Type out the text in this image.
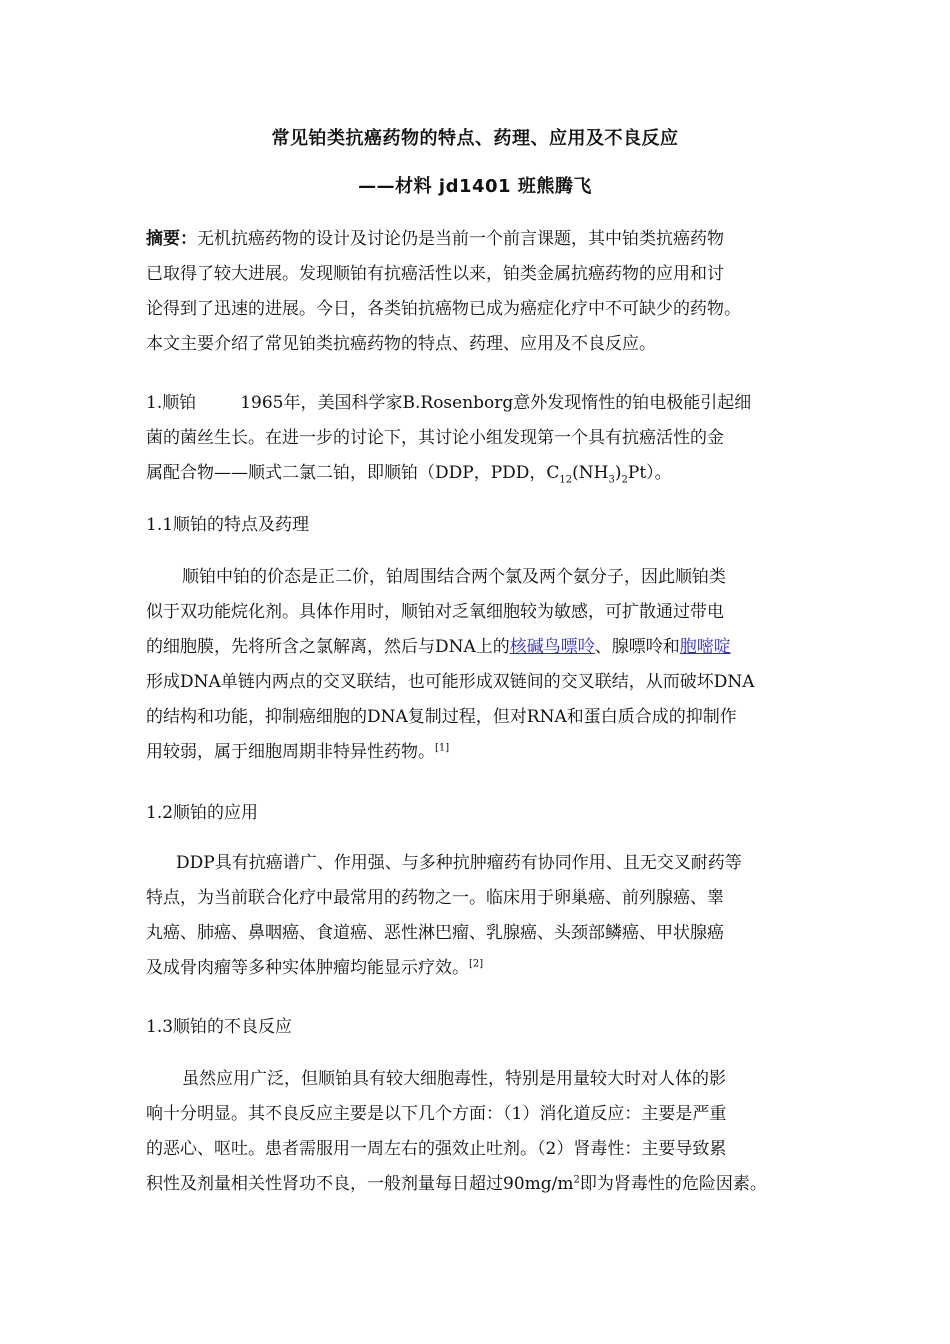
常见铂类抗癌药物的特点、药理、应用及不良反应
——材料 jd1401 班熊腾飞
摘要：无机抗癌药物的设计及讨论仍是当前一个前言课题，其中铂类抗癌药物
已取得了较大进展。发现顺铂有抗癌活性以来，铂类金属抗癌药物的应用和讨
论得到了迅速的进展。今日，各类铂抗癌物已成为癌症化疗中不可缺少的药物。
本文主要介绍了常见铂类抗癌药物的特点、药理、应用及不良反应。
1.顺铂	1965年，美国科学家B.Rosenborg意外发现惰性的铂电极能引起细
菌的菌丝生长。在进一步的讨论下，其讨论小组发现第一个具有抗癌活性的金
属配合物——顺式二氯二铂，即顺铂（DDP，PDD，$C_{12}(NH_3)_2Pt$）。
1.1顺铂的特点及药理
顺铂中铂的价态是正二价，铂周围结合两个氯及两个氨分子，因此顺铂类
似于双功能烷化剂。具体作用时，顺铂对乏氧细胞较为敏感，可扩散通过带电
的细胞膜，先将所含之氯解离，然后与DNA上的核碱鸟嘌呤、腺嘌呤和胞嘧啶
形成DNA单链内两点的交叉联结，也可能形成双链间的交叉联结，从而破坏DNA
的结构和功能，抑制癌细胞的DNA复制过程，但对RNA和蛋白质合成的抑制作
用较弱，属于细胞周期非特异性药物。[1]
1.2顺铂的应用
DDP具有抗癌谱广、作用强、与多种抗肿瘤药有协同作用、且无交叉耐药等
特点，为当前联合化疗中最常用的药物之一。临床用于卵巢癌、前列腺癌、睾
丸癌、肺癌、鼻咽癌、食道癌、恶性淋巴瘤、乳腺癌、头颈部鳞癌、甲状腺癌
及成骨肉瘤等多种实体肿瘤均能显示疗效。[2]
1.3顺铂的不良反应
虽然应用广泛，但顺铂具有较大细胞毒性，特别是用量较大时对人体的影
响十分明显。其不良反应主要是以下几个方面：（1）消化道反应：主要是严重
的恶心、呕吐。患者需服用一周左右的强效止吐剂。（2）肾毒性：主要导致累
积性及剂量相关性肾功不良，一般剂量每日超过$90mg/m^2$即为肾毒性的危险因素。
